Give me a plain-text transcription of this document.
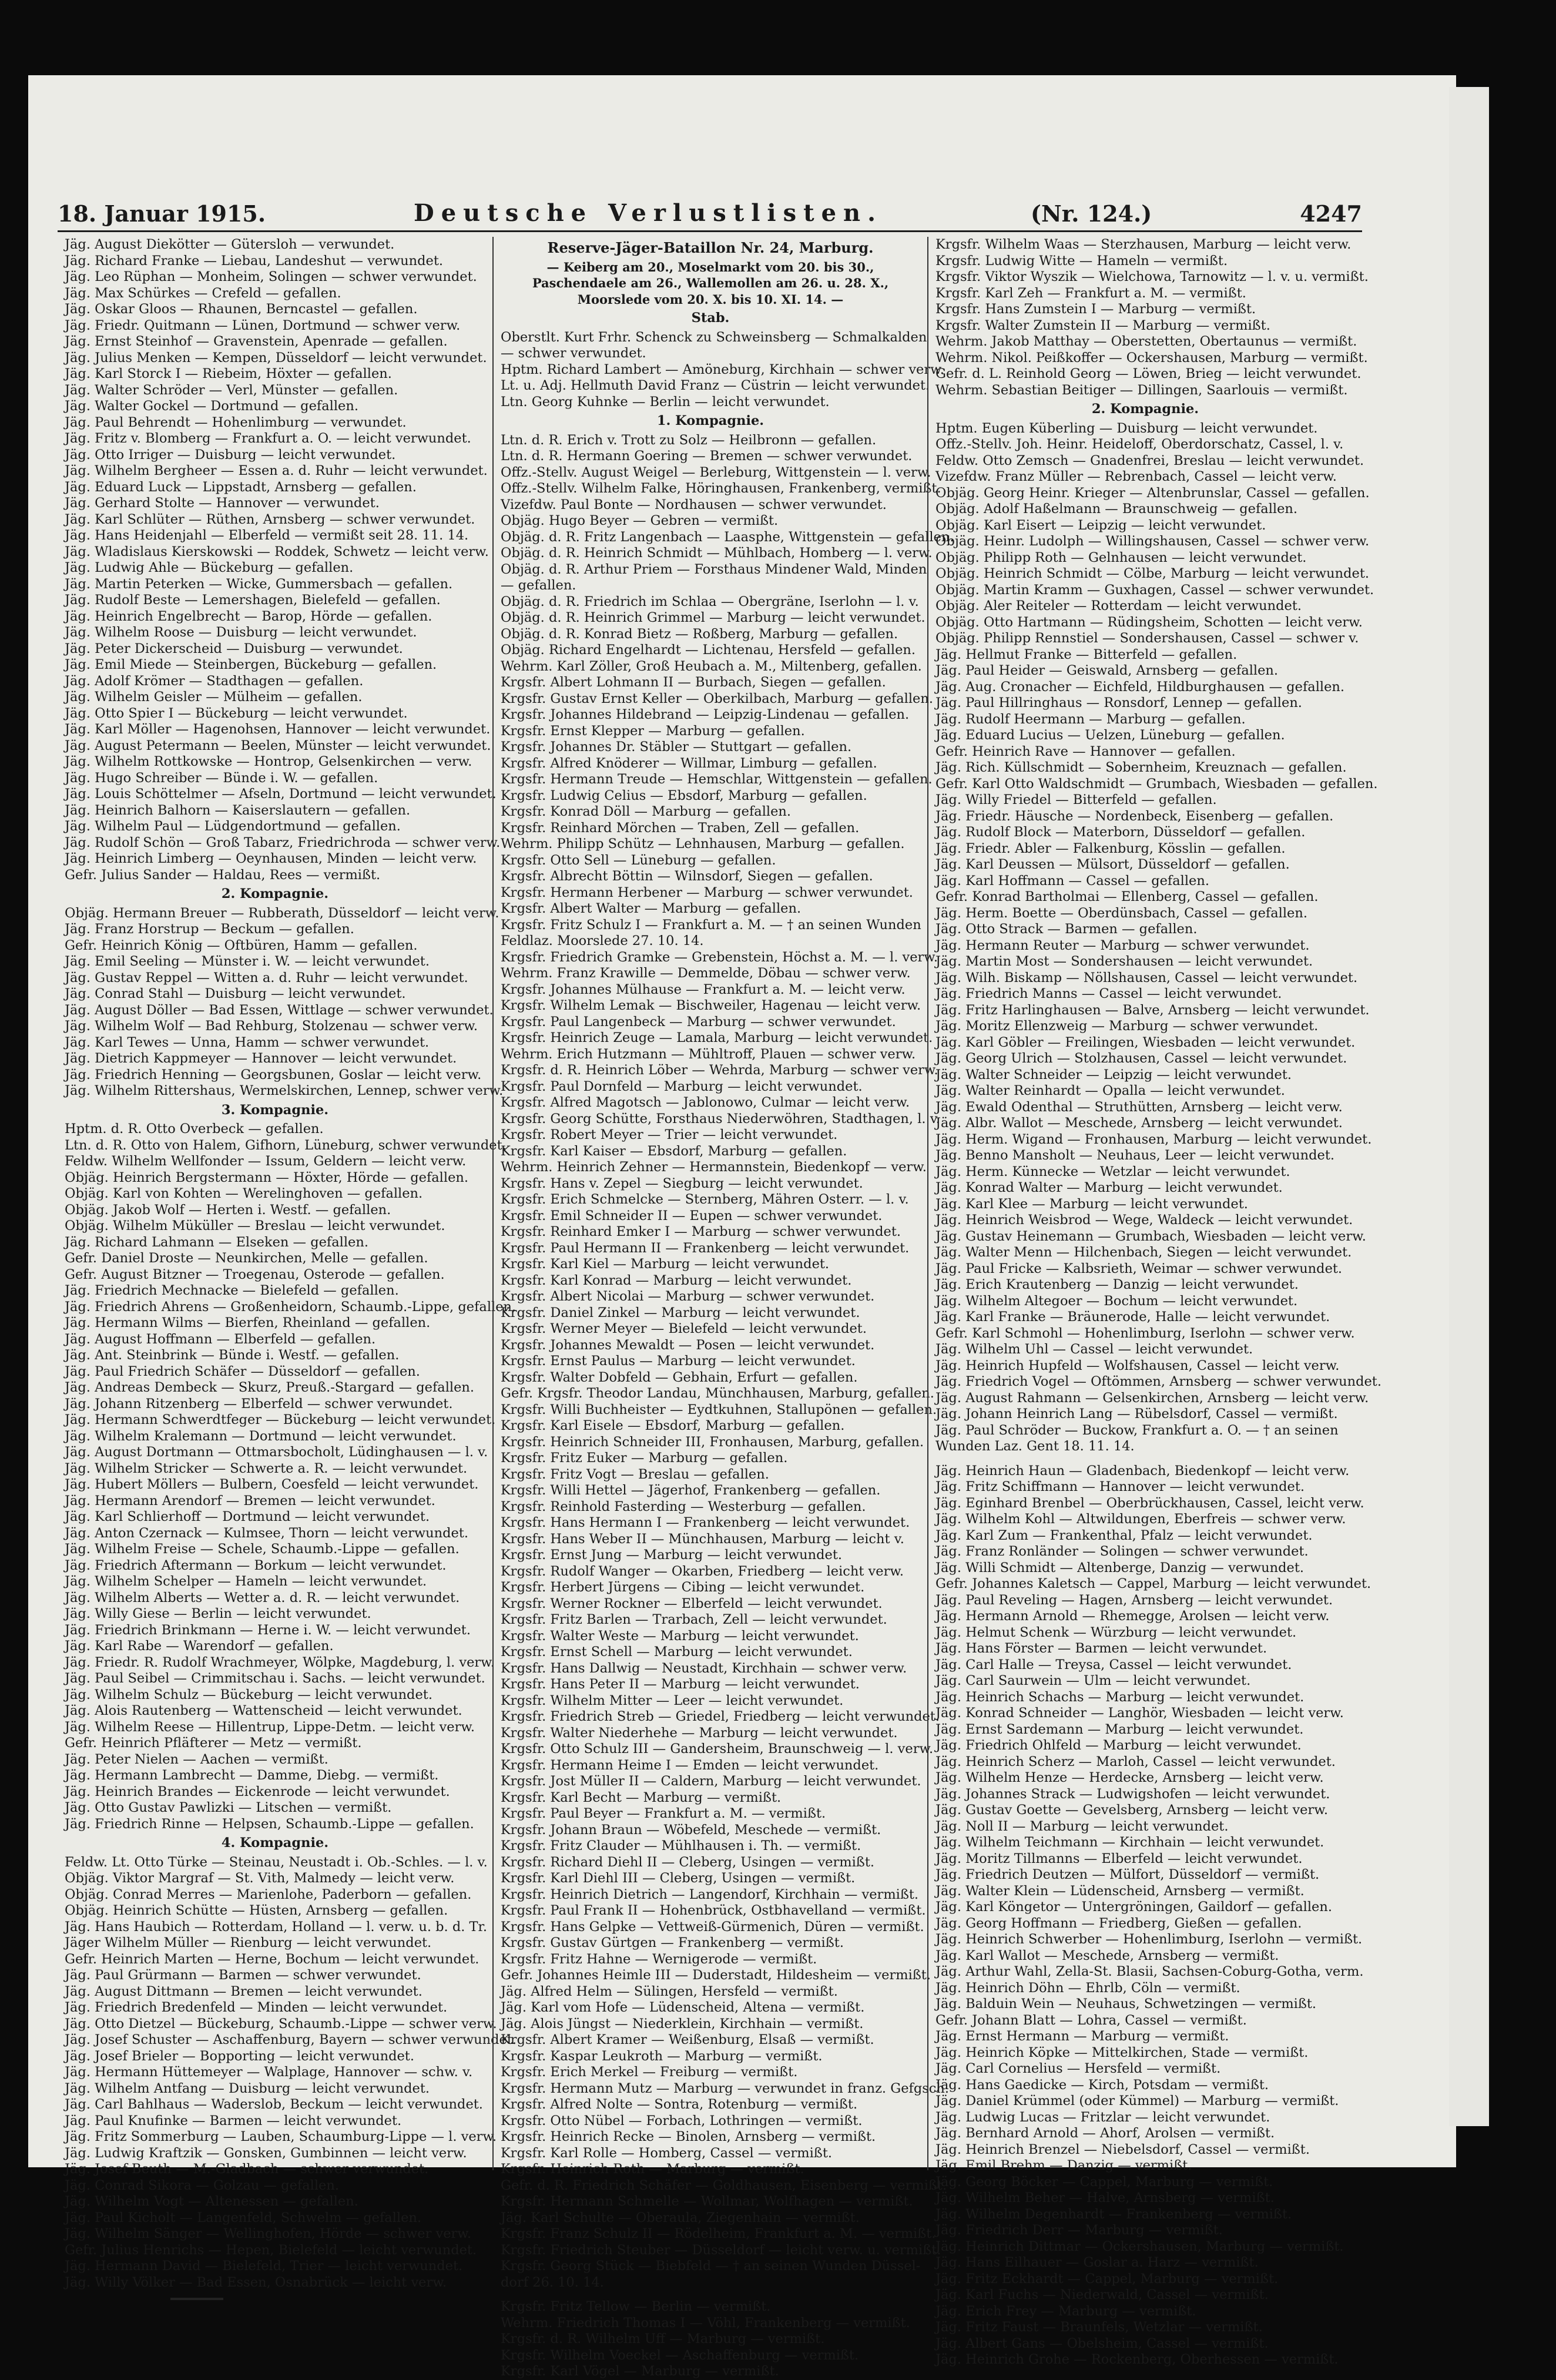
18. Januar 1915.	Deutsche Verlustlisten.	(Nr. 124.)	4247
Jäg. August Diekötter — Gütersloh — verwundet.
Jäg. Richard Franke — Liebau, Landeshut — verwundet.
Jäg. Leo Rüphan — Monheim, Solingen — schwer verwundet.
Jäg. Max Schürkes — Crefeld — gefallen.
Jäg. Oskar Gloos — Rhaunen, Berncastel — gefallen.
Jäg. Friedr. Quitmann — Lünen, Dortmund — schwer verw.
Jäg. Ernst Steinhof — Gravenstein, Apenrade — gefallen.
Jäg. Julius Menken — Kempen, Düsseldorf — leicht verwundet.
Jäg. Karl Storck I — Riebeim, Höxter — gefallen.
Jäg. Walter Schröder — Verl, Münster — gefallen.
Jäg. Walter Gockel — Dortmund — gefallen.
Jäg. Paul Behrendt — Hohenlimburg — verwundet.
Jäg. Fritz v. Blomberg — Frankfurt a. O. — leicht verwundet.
Jäg. Otto Irriger — Duisburg — leicht verwundet.
Jäg. Wilhelm Bergheer — Essen a. d. Ruhr — leicht verwundet.
Jäg. Eduard Luck — Lippstadt, Arnsberg — gefallen.
Jäg. Gerhard Stolte — Hannover — verwundet.
Jäg. Karl Schlüter — Rüthen, Arnsberg — schwer verwundet.
Jäg. Hans Heidenjahl — Elberfeld — vermißt seit 28. 11. 14.
Jäg. Wladislaus Kierskowski — Roddek, Schwetz — leicht verw.
Jäg. Ludwig Ahle — Bückeburg — gefallen.
Jäg. Martin Peterken — Wicke, Gummersbach — gefallen.
Jäg. Rudolf Beste — Lemershagen, Bielefeld — gefallen.
Jäg. Heinrich Engelbrecht — Barop, Hörde — gefallen.
Jäg. Wilhelm Roose — Duisburg — leicht verwundet.
Jäg. Peter Dickerscheid — Duisburg — verwundet.
Jäg. Emil Miede — Steinbergen, Bückeburg — gefallen.
Jäg. Adolf Krömer — Stadthagen — gefallen.
Jäg. Wilhelm Geisler — Mülheim — gefallen.
Jäg. Otto Spier I — Bückeburg — leicht verwundet.
Jäg. Karl Möller — Hagenohsen, Hannover — leicht verwundet.
Jäg. August Petermann — Beelen, Münster — leicht verwundet.
Jäg. Wilhelm Rottkowske — Hontrop, Gelsenkirchen — verw.
Jäg. Hugo Schreiber — Bünde i. W. — gefallen.
Jäg. Louis Schöttelmer — Afseln, Dortmund — leicht verwundet.
Jäg. Heinrich Balhorn — Kaiserslautern — gefallen.
Jäg. Wilhelm Paul — Lüdgendortmund — gefallen.
Jäg. Rudolf Schön — Groß Tabarz, Friedrichroda — schwer verw.
Jäg. Heinrich Limberg — Oeynhausen, Minden — leicht verw.
Gefr. Julius Sander — Haldau, Rees — vermißt.
2. Kompagnie.
Objäg. Hermann Breuer — Rubberath, Düsseldorf — leicht verw.
Jäg. Franz Horstrup — Beckum — gefallen.
Gefr. Heinrich König — Oftbüren, Hamm — gefallen.
Jäg. Emil Seeling — Münster i. W. — leicht verwundet.
Jäg. Gustav Reppel — Witten a. d. Ruhr — leicht verwundet.
Jäg. Conrad Stahl — Duisburg — leicht verwundet.
Jäg. August Döller — Bad Essen, Wittlage — schwer verwundet.
Jäg. Wilhelm Wolf — Bad Rehburg, Stolzenau — schwer verw.
Jäg. Karl Tewes — Unna, Hamm — schwer verwundet.
Jäg. Dietrich Kappmeyer — Hannover — leicht verwundet.
Jäg. Friedrich Henning — Georgsbunen, Goslar — leicht verw.
Jäg. Wilhelm Rittershaus, Wermelskirchen, Lennep, schwer verw.
3. Kompagnie.
Hptm. d. R. Otto Overbeck — gefallen.
Ltn. d. R. Otto von Halem, Gifhorn, Lüneburg, schwer verwundet.
Feldw. Wilhelm Wellfonder — Issum, Geldern — leicht verw.
Objäg. Heinrich Bergstermann — Höxter, Hörde — gefallen.
Objäg. Karl von Kohten — Werelinghoven — gefallen.
Objäg. Jakob Wolf — Herten i. Westf. — gefallen.
Objäg. Wilhelm Müküller — Breslau — leicht verwundet.
Jäg. Richard Lahmann — Elseken — gefallen.
Gefr. Daniel Droste — Neunkirchen, Melle — gefallen.
Gefr. August Bitzner — Troegenau, Osterode — gefallen.
Jäg. Friedrich Mechnacke — Bielefeld — gefallen.
Jäg. Friedrich Ahrens — Großenheidorn, Schaumb.-Lippe, gefallen.
Jäg. Hermann Wilms — Bierfen, Rheinland — gefallen.
Jäg. August Hoffmann — Elberfeld — gefallen.
Jäg. Ant. Steinbrink — Bünde i. Westf. — gefallen.
Jäg. Paul Friedrich Schäfer — Düsseldorf — gefallen.
Jäg. Andreas Dembeck — Skurz, Preuß.-Stargard — gefallen.
Jäg. Johann Ritzenberg — Elberfeld — schwer verwundet.
Jäg. Hermann Schwerdtfeger — Bückeburg — leicht verwundet.
Jäg. Wilhelm Kralemann — Dortmund — leicht verwundet.
Jäg. August Dortmann — Ottmarsbocholt, Lüdinghausen — l. v.
Jäg. Wilhelm Stricker — Schwerte a. R. — leicht verwundet.
Jäg. Hubert Möllers — Bulbern, Coesfeld — leicht verwundet.
Jäg. Hermann Arendorf — Bremen — leicht verwundet.
Jäg. Karl Schlierhoff — Dortmund — leicht verwundet.
Jäg. Anton Czernack — Kulmsee, Thorn — leicht verwundet.
Jäg. Wilhelm Freise — Schele, Schaumb.-Lippe — gefallen.
Jäg. Friedrich Aftermann — Borkum — leicht verwundet.
Jäg. Wilhelm Schelper — Hameln — leicht verwundet.
Jäg. Wilhelm Alberts — Wetter a. d. R. — leicht verwundet.
Jäg. Willy Giese — Berlin — leicht verwundet.
Jäg. Friedrich Brinkmann — Herne i. W. — leicht verwundet.
Jäg. Karl Rabe — Warendorf — gefallen.
Jäg. Friedr. R. Rudolf Wrachmeyer, Wölpke, Magdeburg, l. verw.
Jäg. Paul Seibel — Crimmitschau i. Sachs. — leicht verwundet.
Jäg. Wilhelm Schulz — Bückeburg — leicht verwundet.
Jäg. Alois Rautenberg — Wattenscheid — leicht verwundet.
Jäg. Wilhelm Reese — Hillentrup, Lippe-Detm. — leicht verw.
Gefr. Heinrich Pfläfterer — Metz — vermißt.
Jäg. Peter Nielen — Aachen — vermißt.
Jäg. Hermann Lambrecht — Damme, Diebg. — vermißt.
Jäg. Heinrich Brandes — Eickenrode — leicht verwundet.
Jäg. Otto Gustav Pawlizki — Litschen — vermißt.
Jäg. Friedrich Rinne — Helpsen, Schaumb.-Lippe — gefallen.
4. Kompagnie.
Feldw. Lt. Otto Türke — Steinau, Neustadt i. Ob.-Schles. — l. v.
Objäg. Viktor Margraf — St. Vith, Malmedy — leicht verw.
Objäg. Conrad Merres — Marienlohe, Paderborn — gefallen.
Objäg. Heinrich Schütte — Hüsten, Arnsberg — gefallen.
Jäg. Hans Haubich — Rotterdam, Holland — l. verw. u. b. d. Tr.
Jäger Wilhelm Müller — Rienburg — leicht verwundet.
Gefr. Heinrich Marten — Herne, Bochum — leicht verwundet.
Jäg. Paul Grürmann — Barmen — schwer verwundet.
Jäg. August Dittmann — Bremen — leicht verwundet.
Jäg. Friedrich Bredenfeld — Minden — leicht verwundet.
Jäg. Otto Dietzel — Bückeburg, Schaumb.-Lippe — schwer verw.
Jäg. Josef Schuster — Aschaffenburg, Bayern — schwer verwundet.
Jäg. Josef Brieler — Bopporting — leicht verwundet.
Jäg. Hermann Hüttemeyer — Walplage, Hannover — schw. v.
Jäg. Wilhelm Antfang — Duisburg — leicht verwundet.
Jäg. Carl Bahlhaus — Waderslob, Beckum — leicht verwundet.
Jäg. Paul Knufinke — Barmen — leicht verwundet.
Jäg. Fritz Sommerburg — Lauben, Schaumburg-Lippe — l. verw.
Jäg. Ludwig Kraftzik — Gonsken, Gumbinnen — leicht verw.
Jäg. Josef Beuth — M.-Gladbach — schwer verwundet.
Jäg. Conrad Sikora — Golzau — gefallen.
Jäg. Wilhelm Vogt — Altenessen — gefallen.
Jäg. Paul Kicholt — Langenfeld, Schwelm — gefallen.
Jäg. Wilhelm Sänger — Wellinghofen, Hörde — schwer verw.
Gefr. Julius Henrichs — Hepen, Bielefeld — leicht verwundet.
Jäg. Hermann David — Bielefeld, Trier — leicht verwundet.
Jäg. Willy Völker — Bad Essen, Osnabrück — leicht verw.
Reserve-Jäger-Bataillon Nr. 24, Marburg.
— Keiberg am 20., Moselmarkt vom 20. bis 30., Paschendaele am 26., Wallemollen am 26. u. 28. X., Moorslede vom 20. X. bis 10. XI. 14. —
Stab.
Oberstlt. Kurt Frhr. Schenck zu Schweinsberg — Schmalkalden
— schwer verwundet.
Hptm. Richard Lambert — Amöneburg, Kirchhain — schwer verw.
Lt. u. Adj. Hellmuth David Franz — Cüstrin — leicht verwundet.
Ltn. Georg Kuhnke — Berlin — leicht verwundet.
1. Kompagnie.
Ltn. d. R. Erich v. Trott zu Solz — Heilbronn — gefallen.
Ltn. d. R. Hermann Goering — Bremen — schwer verwundet.
Offz.-Stellv. August Weigel — Berleburg, Wittgenstein — l. verw.
Offz.-Stellv. Wilhelm Falke, Höringhausen, Frankenberg, vermißt.
Vizefdw. Paul Bonte — Nordhausen — schwer verwundet.
Objäg. Hugo Beyer — Gebren — vermißt.
Objäg. d. R. Fritz Langenbach — Laasphe, Wittgenstein — gefallen.
Objäg. d. R. Heinrich Schmidt — Mühlbach, Homberg — l. verw.
Objäg. d. R. Arthur Priem — Forsthaus Mindener Wald, Minden
— gefallen.
Objäg. d. R. Friedrich im Schlaa — Obergräne, Iserlohn — l. v.
Objäg. d. R. Heinrich Grimmel — Marburg — leicht verwundet.
Objäg. d. R. Konrad Bietz — Roßberg, Marburg — gefallen.
Objäg. Richard Engelhardt — Lichtenau, Hersfeld — gefallen.
Wehrm. Karl Zöller, Groß Heubach a. M., Miltenberg, gefallen.
Krgsfr. Albert Lohmann II — Burbach, Siegen — gefallen.
Krgsfr. Gustav Ernst Keller — Oberkilbach, Marburg — gefallen.
Krgsfr. Johannes Hildebrand — Leipzig-Lindenau — gefallen.
Krgsfr. Ernst Klepper — Marburg — gefallen.
Krgsfr. Johannes Dr. Stäbler — Stuttgart — gefallen.
Krgsfr. Alfred Knöderer — Willmar, Limburg — gefallen.
Krgsfr. Hermann Treude — Hemschlar, Wittgenstein — gefallen.
Krgsfr. Ludwig Celius — Ebsdorf, Marburg — gefallen.
Krgsfr. Konrad Döll — Marburg — gefallen.
Krgsfr. Reinhard Mörchen — Traben, Zell — gefallen.
Wehrm. Philipp Schütz — Lehnhausen, Marburg — gefallen.
Krgsfr. Otto Sell — Lüneburg — gefallen.
Krgsfr. Albrecht Böttin — Wilnsdorf, Siegen — gefallen.
Krgsfr. Hermann Herbener — Marburg — schwer verwundet.
Krgsfr. Albert Walter — Marburg — gefallen.
Krgsfr. Fritz Schulz I — Frankfurt a. M. — † an seinen Wunden
Feldlaz. Moorslede 27. 10. 14.
Krgsfr. Friedrich Gramke — Grebenstein, Höchst a. M. — l. verw.
Wehrm. Franz Krawille — Demmelde, Döbau — schwer verw.
Krgsfr. Johannes Mülhause — Frankfurt a. M. — leicht verw.
Krgsfr. Wilhelm Lemak — Bischweiler, Hagenau — leicht verw.
Krgsfr. Paul Langenbeck — Marburg — schwer verwundet.
Krgsfr. Heinrich Zeuge — Lamala, Marburg — leicht verwundet.
Wehrm. Erich Hutzmann — Mühltroff, Plauen — schwer verw.
Krgsfr. d. R. Heinrich Löber — Wehrda, Marburg — schwer verw.
Krgsfr. Paul Dornfeld — Marburg — leicht verwundet.
Krgsfr. Alfred Magotsch — Jablonowo, Culmar — leicht verw.
Krgsfr. Georg Schütte, Forsthaus Niederwöhren, Stadthagen, l. v.
Krgsfr. Robert Meyer — Trier — leicht verwundet.
Krgsfr. Karl Kaiser — Ebsdorf, Marburg — gefallen.
Wehrm. Heinrich Zehner — Hermannstein, Biedenkopf — verw.
Krgsfr. Hans v. Zepel — Siegburg — leicht verwundet.
Krgsfr. Erich Schmelcke — Sternberg, Mähren Osterr. — l. v.
Krgsfr. Emil Schneider II — Eupen — schwer verwundet.
Krgsfr. Reinhard Emker I — Marburg — schwer verwundet.
Krgsfr. Paul Hermann II — Frankenberg — leicht verwundet.
Krgsfr. Karl Kiel — Marburg — leicht verwundet.
Krgsfr. Karl Konrad — Marburg — leicht verwundet.
Krgsfr. Albert Nicolai — Marburg — schwer verwundet.
Krgsfr. Daniel Zinkel — Marburg — leicht verwundet.
Krgsfr. Werner Meyer — Bielefeld — leicht verwundet.
Krgsfr. Johannes Mewaldt — Posen — leicht verwundet.
Krgsfr. Ernst Paulus — Marburg — leicht verwundet.
Krgsfr. Walter Dobfeld — Gebhain, Erfurt — gefallen.
Gefr. Krgsfr. Theodor Landau, Münchhausen, Marburg, gefallen.
Krgsfr. Willi Buchheister — Eydtkuhnen, Stallupönen — gefallen.
Krgsfr. Karl Eisele — Ebsdorf, Marburg — gefallen.
Krgsfr. Heinrich Schneider III, Fronhausen, Marburg, gefallen.
Krgsfr. Fritz Euker — Marburg — gefallen.
Krgsfr. Fritz Vogt — Breslau — gefallen.
Krgsfr. Willi Hettel — Jägerhof, Frankenberg — gefallen.
Krgsfr. Reinhold Fasterding — Westerburg — gefallen.
Krgsfr. Hans Hermann I — Frankenberg — leicht verwundet.
Krgsfr. Hans Weber II — Münchhausen, Marburg — leicht v.
Krgsfr. Ernst Jung — Marburg — leicht verwundet.
Krgsfr. Rudolf Wanger — Okarben, Friedberg — leicht verw.
Krgsfr. Herbert Jürgens — Cibing — leicht verwundet.
Krgsfr. Werner Rockner — Elberfeld — leicht verwundet.
Krgsfr. Fritz Barlen — Trarbach, Zell — leicht verwundet.
Krgsfr. Walter Weste — Marburg — leicht verwundet.
Krgsfr. Ernst Schell — Marburg — leicht verwundet.
Krgsfr. Hans Dallwig — Neustadt, Kirchhain — schwer verw.
Krgsfr. Hans Peter II — Marburg — leicht verwundet.
Krgsfr. Wilhelm Mitter — Leer — leicht verwundet.
Krgsfr. Friedrich Streb — Griedel, Friedberg — leicht verwundet.
Krgsfr. Walter Niederhehe — Marburg — leicht verwundet.
Krgsfr. Otto Schulz III — Gandersheim, Braunschweig — l. verw.
Krgsfr. Hermann Heime I — Emden — leicht verwundet.
Krgsfr. Jost Müller II — Caldern, Marburg — leicht verwundet.
Krgsfr. Karl Becht — Marburg — vermißt.
Krgsfr. Paul Beyer — Frankfurt a. M. — vermißt.
Krgsfr. Johann Braun — Wöbefeld, Meschede — vermißt.
Krgsfr. Fritz Clauder — Mühlhausen i. Th. — vermißt.
Krgsfr. Richard Diehl II — Cleberg, Usingen — vermißt.
Krgsfr. Karl Diehl III — Cleberg, Usingen — vermißt.
Krgsfr. Heinrich Dietrich — Langendorf, Kirchhain — vermißt.
Krgsfr. Paul Frank II — Hohenbrück, Ostbhavelland — vermißt.
Krgsfr. Hans Gelpke — Vettweiß-Gürmenich, Düren — vermißt.
Krgsfr. Gustav Gürtgen — Frankenberg — vermißt.
Krgsfr. Fritz Hahne — Wernigerode — vermißt.
Gefr. Johannes Heimle III — Duderstadt, Hildesheim — vermißt.
Jäg. Alfred Helm — Sülingen, Hersfeld — vermißt.
Jäg. Karl vom Hofe — Lüdenscheid, Altena — vermißt.
Jäg. Alois Jüngst — Niederklein, Kirchhain — vermißt.
Krgsfr. Albert Kramer — Weißenburg, Elsaß — vermißt.
Krgsfr. Kaspar Leukroth — Marburg — vermißt.
Krgsfr. Erich Merkel — Freiburg — vermißt.
Krgsfr. Hermann Mutz — Marburg — verwundet in franz. Gefgsch.
Krgsfr. Alfred Nolte — Sontra, Rotenburg — vermißt.
Krgsfr. Otto Nübel — Forbach, Lothringen — vermißt.
Krgsfr. Heinrich Recke — Binolen, Arnsberg — vermißt.
Krgsfr. Karl Rolle — Homberg, Cassel — vermißt.
Krgsfr. Heinrich Roth — Marburg — vermißt.
Gefr. d. R. Friedrich Schäfer — Goldhausen, Eisenberg — vermißt.
Krgsfr. Hermann Schmelle — Wollmar, Wolfhagen — vermißt.
Jäg. Karl Schulte — Oberaula, Ziegenhain — vermißt.
Krgsfr. Franz Schulz II — Rödelheim, Frankfurt a. M. — vermißt.
Krgsfr. Friedrich Steuber — Düsseldorf — leicht verw. u. vermißt.
Krgsfr. Georg Stück — Biebfeld — † an seinen Wunden Düssel-
dorf 26. 10. 14.
Krgsfr. Fritz Tellow — Berlin — vermißt.
Wehrm. Friedrich Thomas I — Vöhl, Frankenberg — vermißt.
Krgsfr. d. R. Wilhelm Uff — Marburg — vermißt.
Krgsfr. Wilhelm Voeckel — Aschaffenburg — vermißt.
Krgsfr. Karl Vögel — Marburg — vermißt.
Krgsfr. Wilhelm Waas — Sterzhausen, Marburg — leicht verw.
Krgsfr. Ludwig Witte — Hameln — vermißt.
Krgsfr. Viktor Wyszik — Wielchowa, Tarnowitz — l. v. u. vermißt.
Krgsfr. Karl Zeh — Frankfurt a. M. — vermißt.
Krgsfr. Hans Zumstein I — Marburg — vermißt.
Krgsfr. Walter Zumstein II — Marburg — vermißt.
Wehrm. Jakob Matthay — Oberstetten, Obertaunus — vermißt.
Wehrm. Nikol. Peißkoffer — Ockershausen, Marburg — vermißt.
Gefr. d. L. Reinhold Georg — Löwen, Brieg — leicht verwundet.
Wehrm. Sebastian Beitiger — Dillingen, Saarlouis — vermißt.
2. Kompagnie.
Hptm. Eugen Küberling — Duisburg — leicht verwundet.
Offz.-Stellv. Joh. Heinr. Heideloff, Oberdorschatz, Cassel, l. v.
Feldw. Otto Zemsch — Gnadenfrei, Breslau — leicht verwundet.
Vizefdw. Franz Müller — Rebrenbach, Cassel — leicht verw.
Objäg. Georg Heinr. Krieger — Altenbrunslar, Cassel — gefallen.
Objäg. Adolf Haßelmann — Braunschweig — gefallen.
Objäg. Karl Eisert — Leipzig — leicht verwundet.
Objäg. Heinr. Ludolph — Willingshausen, Cassel — schwer verw.
Objäg. Philipp Roth — Gelnhausen — leicht verwundet.
Objäg. Heinrich Schmidt — Cölbe, Marburg — leicht verwundet.
Objäg. Martin Kramm — Guxhagen, Cassel — schwer verwundet.
Objäg. Aler Reiteler — Rotterdam — leicht verwundet.
Objäg. Otto Hartmann — Rüdingsheim, Schotten — leicht verw.
Objäg. Philipp Rennstiel — Sondershausen, Cassel — schwer v.
Jäg. Hellmut Franke — Bitterfeld — gefallen.
Jäg. Paul Heider — Geiswald, Arnsberg — gefallen.
Jäg. Aug. Cronacher — Eichfeld, Hildburghausen — gefallen.
Jäg. Paul Hillringhaus — Ronsdorf, Lennep — gefallen.
Jäg. Rudolf Heermann — Marburg — gefallen.
Jäg. Eduard Lucius — Uelzen, Lüneburg — gefallen.
Gefr. Heinrich Rave — Hannover — gefallen.
Jäg. Rich. Küllschmidt — Sobernheim, Kreuznach — gefallen.
Gefr. Karl Otto Waldschmidt — Grumbach, Wiesbaden — gefallen.
Jäg. Willy Friedel — Bitterfeld — gefallen.
Jäg. Friedr. Häusche — Nordenbeck, Eisenberg — gefallen.
Jäg. Rudolf Block — Materborn, Düsseldorf — gefallen.
Jäg. Friedr. Abler — Falkenburg, Kösslin — gefallen.
Jäg. Karl Deussen — Mülsort, Düsseldorf — gefallen.
Jäg. Karl Hoffmann — Cassel — gefallen.
Gefr. Konrad Bartholmai — Ellenberg, Cassel — gefallen.
Jäg. Herm. Boette — Oberdünsbach, Cassel — gefallen.
Jäg. Otto Strack — Barmen — gefallen.
Jäg. Hermann Reuter — Marburg — schwer verwundet.
Jäg. Martin Most — Sondershausen — leicht verwundet.
Jäg. Wilh. Biskamp — Nöllshausen, Cassel — leicht verwundet.
Jäg. Friedrich Manns — Cassel — leicht verwundet.
Jäg. Fritz Harlinghausen — Balve, Arnsberg — leicht verwundet.
Jäg. Moritz Ellenzweig — Marburg — schwer verwundet.
Jäg. Karl Göbler — Freilingen, Wiesbaden — leicht verwundet.
Jäg. Georg Ulrich — Stolzhausen, Cassel — leicht verwundet.
Jäg. Walter Schneider — Leipzig — leicht verwundet.
Jäg. Walter Reinhardt — Opalla — leicht verwundet.
Jäg. Ewald Odenthal — Struthütten, Arnsberg — leicht verw.
Jäg. Albr. Wallot — Meschede, Arnsberg — leicht verwundet.
Jäg. Herm. Wigand — Fronhausen, Marburg — leicht verwundet.
Jäg. Benno Mansholt — Neuhaus, Leer — leicht verwundet.
Jäg. Herm. Künnecke — Wetzlar — leicht verwundet.
Jäg. Konrad Walter — Marburg — leicht verwundet.
Jäg. Karl Klee — Marburg — leicht verwundet.
Jäg. Heinrich Weisbrod — Wege, Waldeck — leicht verwundet.
Jäg. Gustav Heinemann — Grumbach, Wiesbaden — leicht verw.
Jäg. Walter Menn — Hilchenbach, Siegen — leicht verwundet.
Jäg. Paul Fricke — Kalbsrieth, Weimar — schwer verwundet.
Jäg. Erich Krautenberg — Danzig — leicht verwundet.
Jäg. Wilhelm Altegoer — Bochum — leicht verwundet.
Jäg. Karl Franke — Bräunerode, Halle — leicht verwundet.
Gefr. Karl Schmohl — Hohenlimburg, Iserlohn — schwer verw.
Jäg. Wilhelm Uhl — Cassel — leicht verwundet.
Jäg. Heinrich Hupfeld — Wolfshausen, Cassel — leicht verw.
Jäg. Friedrich Vogel — Oftömmen, Arnsberg — schwer verwundet.
Jäg. August Rahmann — Gelsenkirchen, Arnsberg — leicht verw.
Jäg. Johann Heinrich Lang — Rübelsdorf, Cassel — vermißt.
Jäg. Paul Schröder — Buckow, Frankfurt a. O. — † an seinen
Wunden Laz. Gent 18. 11. 14.
Jäg. Heinrich Haun — Gladenbach, Biedenkopf — leicht verw.
Jäg. Fritz Schiffmann — Hannover — leicht verwundet.
Jäg. Eginhard Brenbel — Oberbrückhausen, Cassel, leicht verw.
Jäg. Wilhelm Kohl — Altwildungen, Eberfreis — schwer verw.
Jäg. Karl Zum — Frankenthal, Pfalz — leicht verwundet.
Jäg. Franz Ronländer — Solingen — schwer verwundet.
Jäg. Willi Schmidt — Altenberge, Danzig — verwundet.
Gefr. Johannes Kaletsch — Cappel, Marburg — leicht verwundet.
Jäg. Paul Reveling — Hagen, Arnsberg — leicht verwundet.
Jäg. Hermann Arnold — Rhemegge, Arolsen — leicht verw.
Jäg. Helmut Schenk — Würzburg — leicht verwundet.
Jäg. Hans Förster — Barmen — leicht verwundet.
Jäg. Carl Halle — Treysa, Cassel — leicht verwundet.
Jäg. Carl Saurwein — Ulm — leicht verwundet.
Jäg. Heinrich Schachs — Marburg — leicht verwundet.
Jäg. Konrad Schneider — Langhör, Wiesbaden — leicht verw.
Jäg. Ernst Sardemann — Marburg — leicht verwundet.
Jäg. Friedrich Ohlfeld — Marburg — leicht verwundet.
Jäg. Heinrich Scherz — Marloh, Cassel — leicht verwundet.
Jäg. Wilhelm Henze — Herdecke, Arnsberg — leicht verw.
Jäg. Johannes Strack — Ludwigshofen — leicht verwundet.
Jäg. Gustav Goette — Gevelsberg, Arnsberg — leicht verw.
Jäg. Noll II — Marburg — leicht verwundet.
Jäg. Wilhelm Teichmann — Kirchhain — leicht verwundet.
Jäg. Moritz Tillmanns — Elberfeld — leicht verwundet.
Jäg. Friedrich Deutzen — Mülfort, Düsseldorf — vermißt.
Jäg. Walter Klein — Lüdenscheid, Arnsberg — vermißt.
Jäg. Karl Köngetor — Untergröningen, Gaildorf — gefallen.
Jäg. Georg Hoffmann — Friedberg, Gießen — gefallen.
Jäg. Heinrich Schwerber — Hohenlimburg, Iserlohn — vermißt.
Jäg. Karl Wallot — Meschede, Arnsberg — vermißt.
Jäg. Arthur Wahl, Zella-St. Blasii, Sachsen-Coburg-Gotha, verm.
Jäg. Heinrich Döhn — Ehrlb, Cöln — vermißt.
Jäg. Balduin Wein — Neuhaus, Schwetzingen — vermißt.
Gefr. Johann Blatt — Lohra, Cassel — vermißt.
Jäg. Ernst Hermann — Marburg — vermißt.
Jäg. Heinrich Köpke — Mittelkirchen, Stade — vermißt.
Jäg. Carl Cornelius — Hersfeld — vermißt.
Jäg. Hans Gaedicke — Kirch, Potsdam — vermißt.
Jäg. Daniel Krümmel (oder Kümmel) — Marburg — vermißt.
Jäg. Ludwig Lucas — Fritzlar — leicht verwundet.
Jäg. Bernhard Arnold — Ahorf, Arolsen — vermißt.
Jäg. Heinrich Brenzel — Niebelsdorf, Cassel — vermißt.
Jäg. Emil Brehm — Danzig — vermißt.
Jäg. Georg Böcker — Cappel, Marburg — vermißt.
Jäg. Wilhelm Beher — Halve, Arnsberg — vermißt.
Jäg. Wilhelm Degenhardt — Frankenberg — vermißt.
Jäg. Friedrich Derr — Marburg — vermißt.
Jäg. Heinrich Dittmar — Ockershausen, Marburg — vermißt.
Jäg. Hans Eilhauer — Goslar a. Harz — vermißt.
Jäg. Fritz Eckhardt — Cappel, Marburg — vermißt.
Jäg. Karl Fuchs — Niederwald, Cassel — vermißt.
Jäg. Erich Frey — Marburg — vermißt.
Jäg. Fritz Faust — Braunfels, Wetzlar — vermißt.
Jäg. Albert Gans — Obelsheim, Cassel — vermißt.
Jäg. Heinrich Grohe — Rockenberg, Oberhessen — vermißt.
